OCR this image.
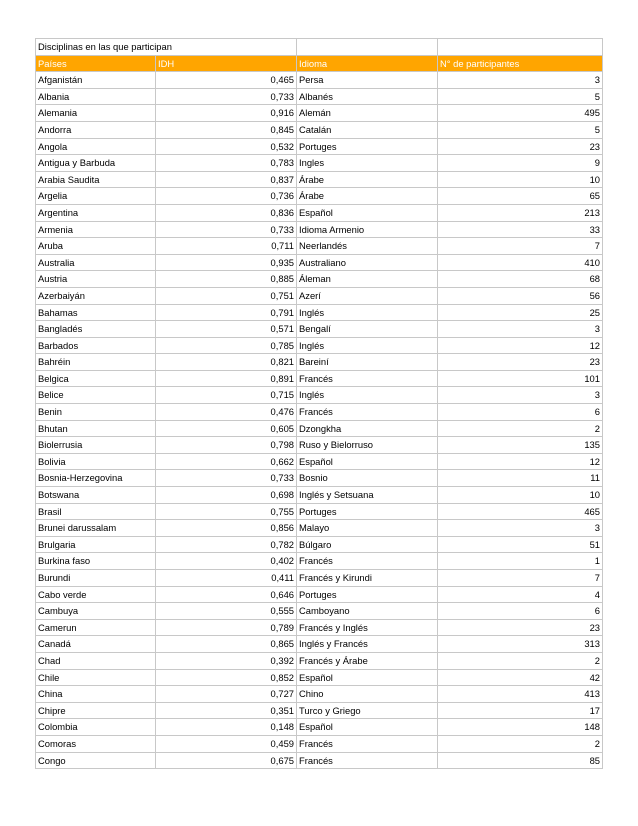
Disciplinas en las que participan			
Países	IDH	Idioma	N° de participantes
Afganistán	0,465	Persa	3
Albania	0,733	Albanés	5
Alemania	0,916	Alemán	495
Andorra	0,845	Catalán	5
Angola	0,532	Portuges	23
Antigua y Barbuda	0,783	Ingles	9
Arabia Saudita	0,837	Árabe	10
Argelia	0,736	Árabe	65
Argentina	0,836	Español	213
Armenia	0,733	Idioma Armenio	33
Aruba	0,711	Neerlandés	7
Australia	0,935	Australiano	410
Austria	0,885	Áleman	68
Azerbaiyán	0,751	Azerí	56
Bahamas	0,791	Inglés	25
Bangladés	0,571	Bengalí	3
Barbados	0,785	Inglés	12
Bahréin	0,821	Bareiní	23
Belgica	0,891	Francés	101
Belice	0,715	Inglés	3
Benin	0,476	Francés	6
Bhutan	0,605	Dzongkha	2
Biolerrusia	0,798	Ruso y Bielorruso	135
Bolivia	0,662	Español	12
Bosnia-Herzegovina	0,733	Bosnio	11
Botswana	0,698	Inglés y Setsuana	10
Brasil	0,755	Portuges	465
Brunei darussalam	0,856	Malayo	3
Brulgaria	0,782	Búlgaro	51
Burkina faso	0,402	Francés	1
Burundi	0,411	Francés y Kirundi	7
Cabo verde	0,646	Portuges	4
Cambuya	0,555	Camboyano	6
Camerun	0,789	Francés y Inglés	23
Canadá	0,865	Inglés y Francés	313
Chad	0,392	Francés y Árabe	2
Chile	0,852	Español	42
China	0,727	Chino	413
Chipre	0,351	Turco y Griego	17
Colombia	0,148	Español	148
Comoras	0,459	Francés	2
Congo	0,675	Francés	85
